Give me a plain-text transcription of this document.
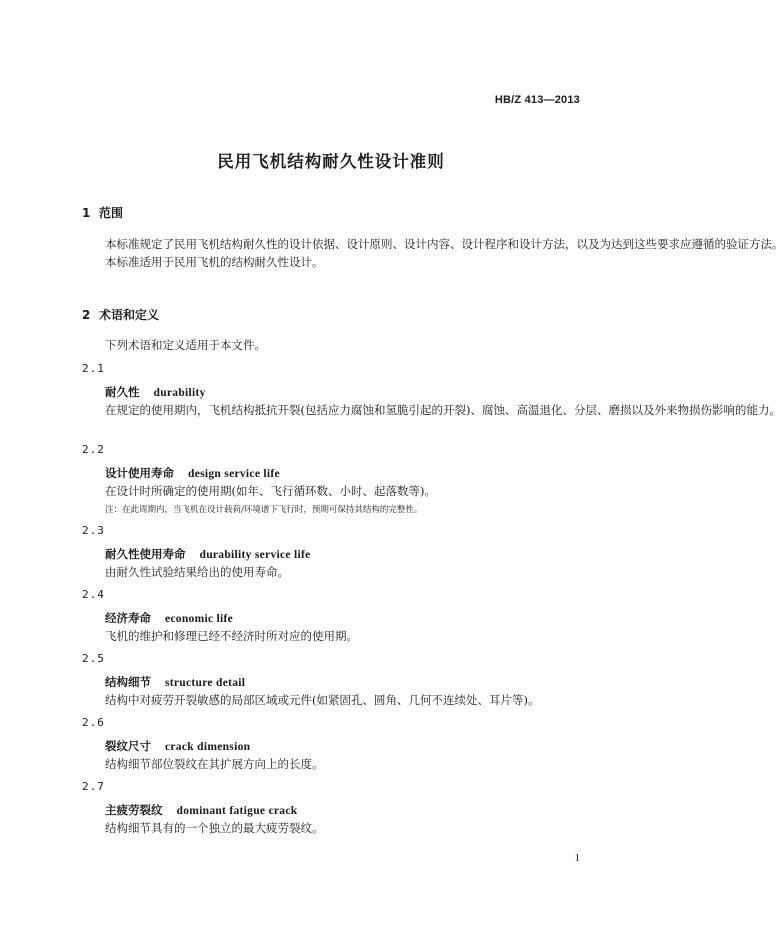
HB/Z 413—2013
民用飞机结构耐久性设计准则
1 范围

本标准规定了民用飞机结构耐久性的设计依据、设计原则、设计内容、设计程序和设计方法，以及为达到这些要求应遵循的验证方法。

本标准适用于民用飞机的结构耐久性设计。

2 术语和定义

下列术语和定义适用于本文件。

2.1
耐久性 durability

在规定的使用期内，飞机结构抵抗开裂(包括应力腐蚀和氢脆引起的开裂)、腐蚀、高温退化、分层、磨损以及外来物损伤影响的能力。

2.2
设计使用寿命 design service life

在设计时所确定的使用期(如年、飞行循环数、小时、起落数等)。

注：在此周期内，当飞机在设计载荷/环境谱下飞行时，预期可保持其结构的完整性。
2.3
耐久性使用寿命 durability service life

由耐久性试验结果给出的使用寿命。

2.4
经济寿命 economic life

飞机的维护和修理已经不经济时所对应的使用期。

2.5
结构细节 structure detail

结构中对疲劳开裂敏感的局部区域或元件(如紧固孔、圆角、几何不连续处、耳片等)。

2.6
裂纹尺寸 crack dimension

结构细节部位裂纹在其扩展方向上的长度。

2.7
主疲劳裂纹 dominant fatigue crack

结构细节具有的一个独立的最大疲劳裂纹。

1
